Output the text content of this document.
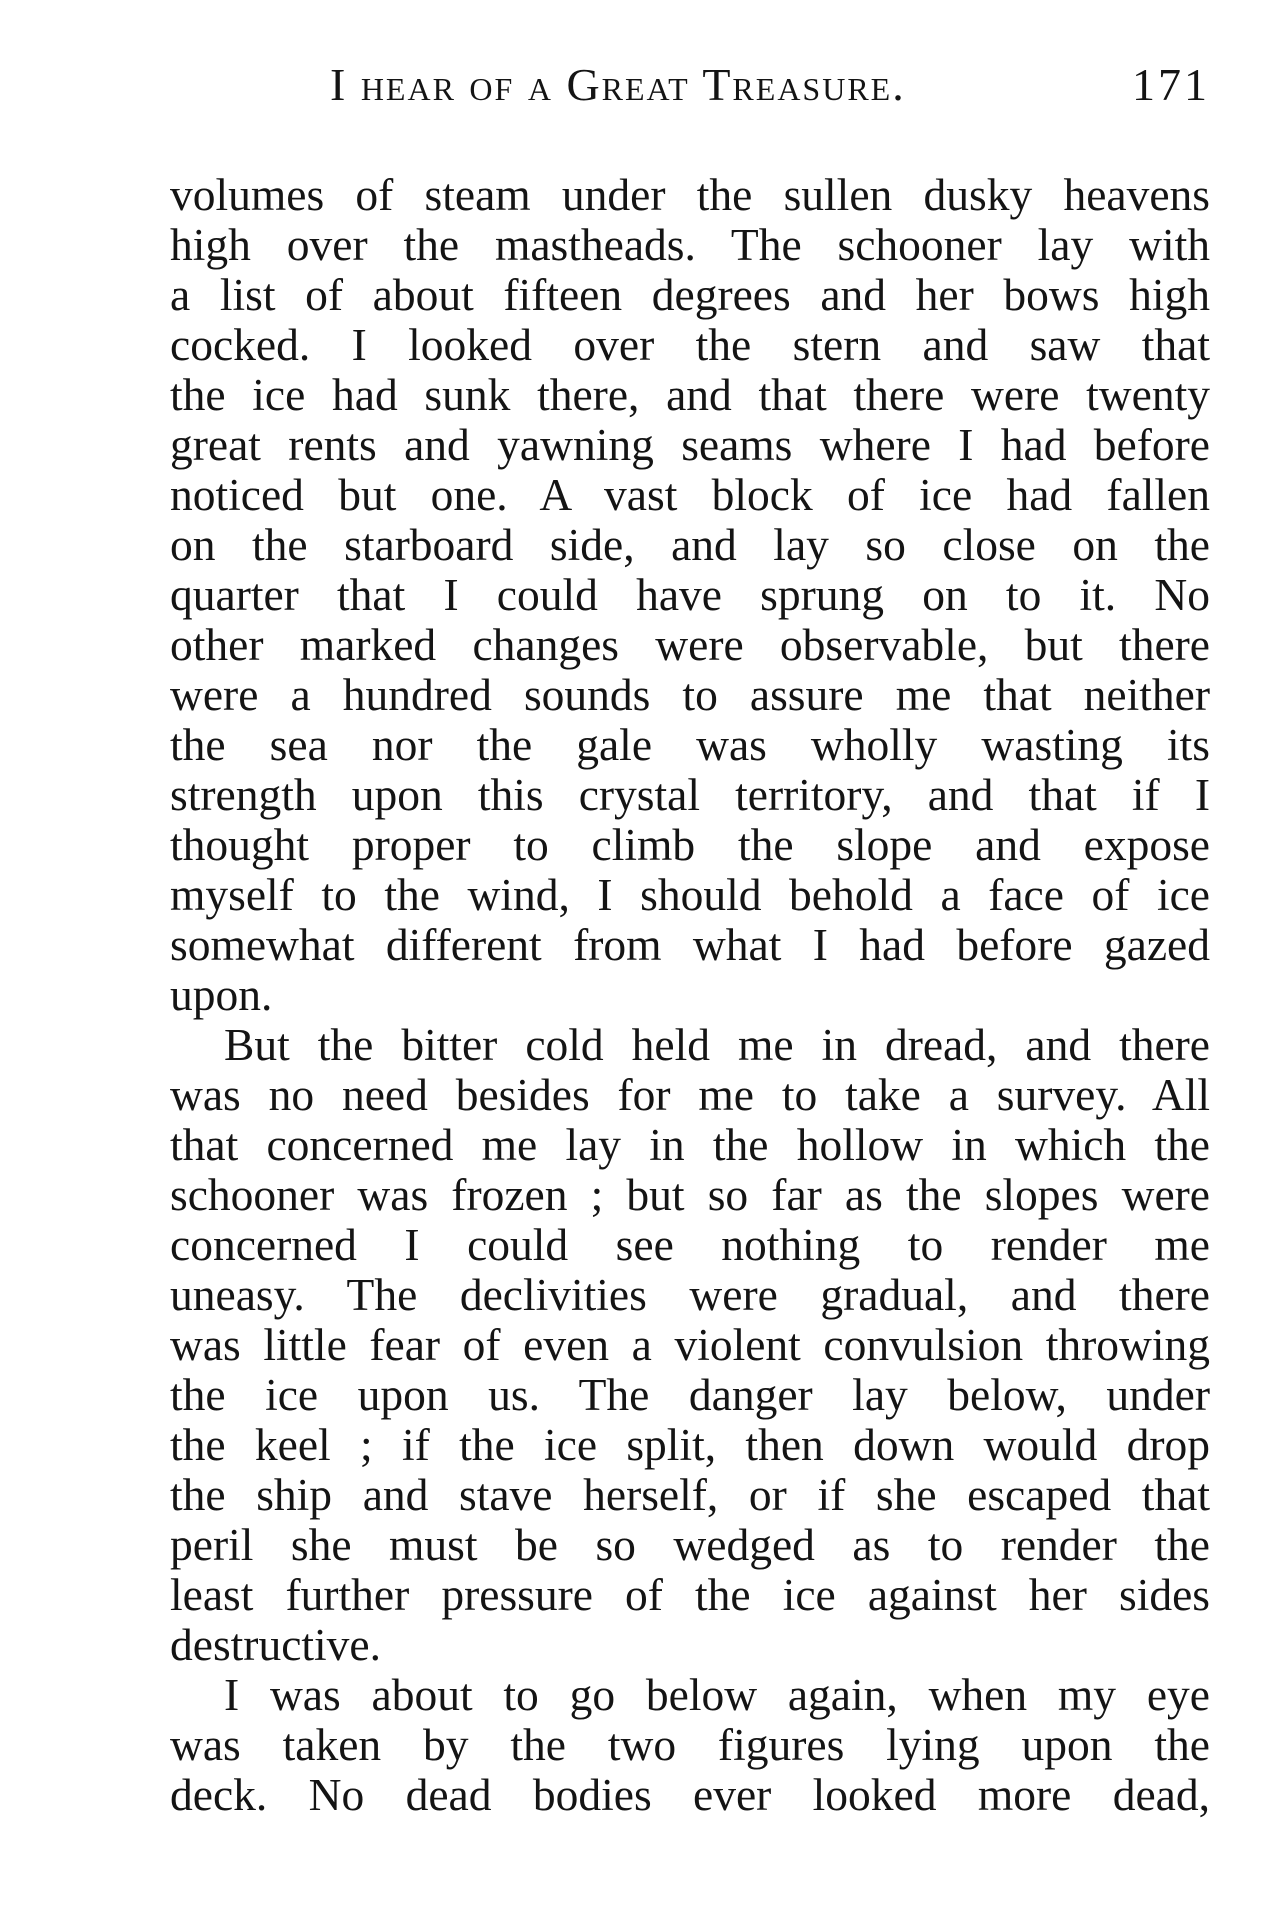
I hear of a Great Treasure.	171
volumes of steam under the sullen dusky heavens
high over the mastheads. The schooner lay with
a list of about fifteen degrees and her bows high
cocked. I looked over the stern and saw that
the ice had sunk there, and that there were twenty
great rents and yawning seams where I had before
noticed but one. A vast block of ice had fallen
on the starboard side, and lay so close on the
quarter that I could have sprung on to it. No
other marked changes were observable, but there
were a hundred sounds to assure me that neither
the sea nor the gale was wholly wasting its
strength upon this crystal territory, and that if I
thought proper to climb the slope and expose
myself to the wind, I should behold a face of ice
somewhat different from what I had before gazed
upon.
But the bitter cold held me in dread, and there
was no need besides for me to take a survey. All
that concerned me lay in the hollow in which the
schooner was frozen ; but so far as the slopes were
concerned I could see nothing to render me
uneasy. The declivities were gradual, and there
was little fear of even a violent convulsion throwing
the ice upon us. The danger lay below, under
the keel ; if the ice split, then down would drop
the ship and stave herself, or if she escaped that
peril she must be so wedged as to render the
least further pressure of the ice against her sides
destructive.
I was about to go below again, when my eye
was taken by the two figures lying upon the
deck. No dead bodies ever looked more dead,
